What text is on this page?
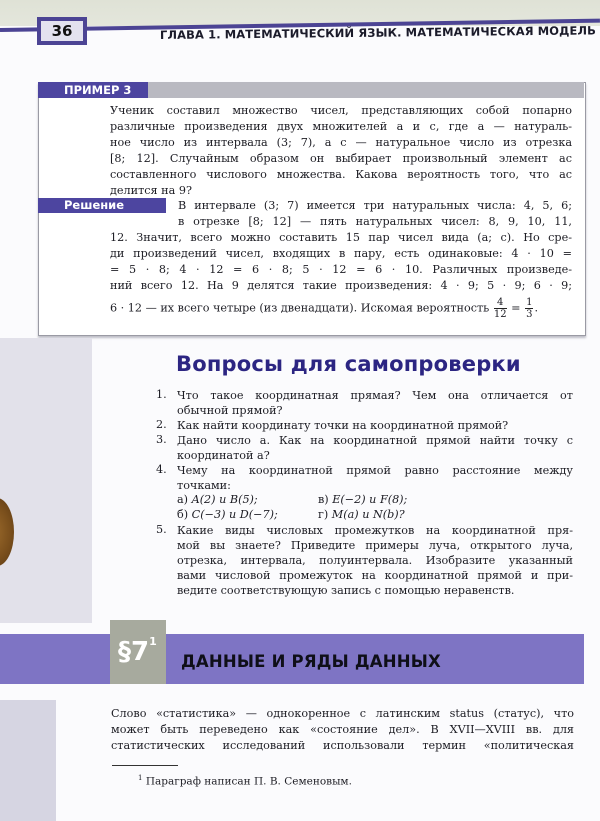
36	ГЛАВА 1. МАТЕМАТИЧЕСКИЙ ЯЗЫК. МАТЕМАТИЧЕСКАЯ МОДЕЛЬ
ПРИМЕР 3
Ученик составил множество чисел, представляющих собой попарно
различные произведения двух множителей a и c, где a — натураль-
ное число из интервала (3; 7), а c — натуральное число из отрезка
[8; 12]. Случайным образом он выбирает произвольный элемент ac
составленного числового множества. Какова вероятность того, что ac
делится на 9?
Решение	В интервале (3; 7) имеется три натуральных числа: 4, 5, 6;
в отрезке [8; 12] — пять натуральных чисел: 8, 9, 10, 11,
12. Значит, всего можно составить 15 пар чисел вида (a; c). Но сре-
ди произведений чисел, входящих в пару, есть одинаковые: 4 · 10 =
= 5 · 8; 4 · 12 = 6 · 8; 5 · 12 = 6 · 10. Различных произведе-
ний всего 12. На 9 делятся такие произведения: 4 · 9; 5 · 9; 6 · 9;
6 · 12 — их всего четыре (из двенадцати). Искомая вероятность $\frac{4}{12} = \frac{1}{3}$ .
Вопросы для самопроверки
1. Что такое координатная прямая? Чем она отличается от
обычной прямой?
2. Как найти координату точки на координатной прямой?
3. Дано число a. Как на координатной прямой найти точку с
координатой a?
4. Чему на координатной прямой равно расстояние между
точками:
а) A(2) и B(5);	в) E(−2) и F(8);
б) C(−3) и D(−7);	г) M(a) и N(b)?
5. Какие виды числовых промежутков на координатной пря-
мой вы знаете? Приведите примеры луча, открытого луча,
отрезка, интервала, полуинтервала. Изобразите указанный
вами числовой промежуток на координатной прямой и при-
ведите соответствующую запись с помощью неравенств.
$\S 7^1$
ДАННЫЕ И РЯДЫ ДАННЫХ
Слово «статистика» — однокоренное с латинским status (статус), что
может быть переведено как «состояние дел». В XVII—XVIII вв. для
статистических исследований использовали термин «политическая
$^1$ Параграф написан П. В. Семеновым.
